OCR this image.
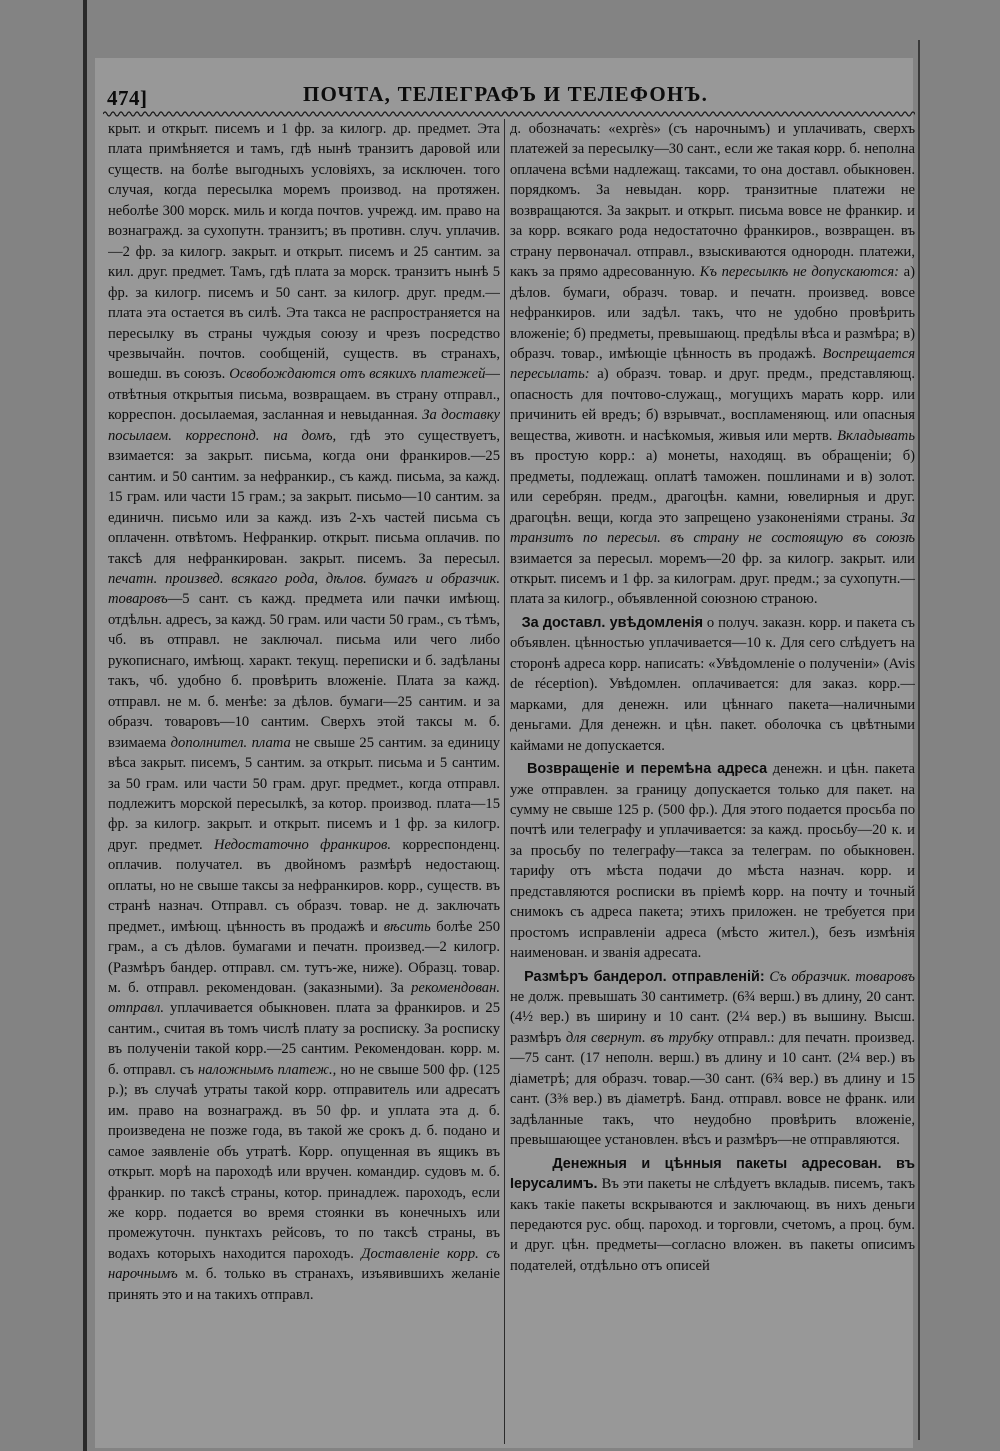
474]	ПОЧТА, ТЕЛЕГРАФЪ И ТЕЛЕФОНЪ.

крыт. и открыт. писемъ и 1 фр. за килогр. др. предмет. Эта плата примѣняется и тамъ, гдѣ нынѣ транзитъ даровой или существ. на болѣе выгодныхъ условіяхъ, за исключен. того случая, когда пересылка моремъ производ. на протяжен. неболѣе 300 морск. миль и когда почтов. учрежд. им. право на вознагражд. за сухопутн. транзитъ; въ противн. случ. уплачив.—2 фр. за килогр. закрыт. и открыт. писемъ и 25 сантим. за кил. друг. предмет. Тамъ, гдѣ плата за морск. транзитъ нынѣ 5 фр. за килогр. писемъ и 50 сант. за килогр. друг. предм.—плата эта остается въ силѣ. Эта такса не распространяется на пересылку въ страны чуждыя союзу и чрезъ посредство чрезвычайн. почтов. сообщеній, существ. въ странахъ, вошедш. въ союзъ. Освобождаются отъ всякихъ платежей—отвѣтныя открытыя письма, возвращаем. въ страну отправл., корреспон. досылаемая, засланная и невыданная. За доставку посылаем. корреспонд. на домъ, гдѣ это существуетъ, взимается: за закрыт. письма, когда они франкиров.—25 сантим. и 50 сантим. за нефранкир., съ кажд. письма, за кажд. 15 грам. или части 15 грам.; за закрыт. письмо—10 сантим. за единичн. письмо или за кажд. изъ 2-хъ частей письма съ оплаченн. отвѣтомъ. Нефранкир. открыт. письма оплачив. по таксѣ для нефранкирован. закрыт. писемъ. За пересыл. печатн. произвед. всякаго рода, дѣлов. бумагъ и образчик. товаровъ—5 сант. съ кажд. предмета или пачки имѣющ. отдѣльн. адресъ, за кажд. 50 грам. или части 50 грам., съ тѣмъ, чб. въ отправл. не заключал. письма или чего либо рукописнаго, имѣющ. характ. текущ. переписки и б. задѣланы такъ, чб. удобно б. провѣрить вложеніе. Плата за кажд. отправл. не м. б. менѣе: за дѣлов. бумаги—25 сантим. и за образч. товаровъ—10 сантим. Сверхъ этой таксы м. б. взимаема дополнител. плата не свыше 25 сантим. за единицу вѣса закрыт. писемъ, 5 сантим. за открыт. письма и 5 сантим. за 50 грам. или части 50 грам. друг. предмет., когда отправл. подлежитъ морской пересылкѣ, за котор. производ. плата—15 фр. за килогр. закрыт. и открыт. писемъ и 1 фр. за килогр. друг. предмет. Недостаточно франкиров. корреспонденц. оплачив. получател. въ двойномъ размѣрѣ недостающ. оплаты, но не свыше таксы за нефранкиров. корр., существ. въ странѣ назнач. Отправл. съ образч. товар. не д. заключать предмет., имѣющ. цѣнность въ продажѣ и вѣсить болѣе 250 грам., а съ дѣлов. бумагами и печатн. произвед.—2 килогр. (Размѣръ бандер. отправл. см. тутъ-же, ниже). Образц. товар. м. б. отправл. рекомендован. (заказными). За рекомендован. отправл. уплачивается обыкновен. плата за франкиров. и 25 сантим., считая въ томъ числѣ плату за росписку. За росписку въ полученіи такой корр.—25 сантим. Рекомендован. корр. м. б. отправл. съ наложнымъ платеж., но не свыше 500 фр. (125 р.); въ случаѣ утраты такой корр. отправитель или адресатъ им. право на вознагражд. въ 50 фр. и уплата эта д. б. произведена не позже года, въ такой же срокъ д. б. подано и самое заявленіе объ утратѣ. Корр. опущенная въ ящикъ въ открыт. морѣ на пароходѣ или вручен. командир. судовъ м. б. франкир. по таксѣ страны, котор. принадлеж. пароходъ, если же корр. подается во время стоянки въ конечныхъ или промежуточн. пунктахъ рейсовъ, то по таксѣ страны, въ водахъ которыхъ находится пароходъ. Доставленіе корр. съ нарочнымъ м. б. только въ странахъ, изъявившихъ желаніе принять это и на такихъ отправл.

д. обозначать: «exprès» (съ нарочнымъ) и уплачивать, сверхъ платежей за пересылку—30 сант., если же такая корр. б. неполна оплачена всѣми надлежащ. таксами, то она доставл. обыкновен. порядкомъ. За невыдан. корр. транзитные платежи не возвращаются. За закрыт. и открыт. письма вовсе не франкир. и за корр. всякаго рода недостаточно франкиров., возвращен. въ страну первоначал. отправл., взыскиваются однородн. платежи, какъ за прямо адресованную. Къ пересылкѣ не допускаются: а) дѣлов. бумаги, образч. товар. и печатн. произвед. вовсе нефранкиров. или задѣл. такъ, что не удобно провѣрить вложеніе; б) предметы, превышающ. предѣлы вѣса и размѣра; в) образч. товар., имѣющіе цѣнность въ продажѣ. Воспрещается пересылать: а) образч. товар. и друг. предм., представляющ. опасность для почтово-служащ., могущихъ марать корр. или причинить ей вредъ; б) взрывчат., воспламеняющ. или опасныя вещества, животн. и насѣкомыя, живыя или мертв. Вкладывать въ простую корр.: а) монеты, находящ. въ обращеніи; б) предметы, подлежащ. оплатѣ таможен. пошлинами и в) золот. или серебрян. предм., драгоцѣн. камни, ювелирныя и друг. драгоцѣн. вещи, когда это запрещено узаконеніями страны. За транзитъ по пересыл. въ страну не состоящую въ союзѣ взимается за пересыл. моремъ—20 фр. за килогр. закрыт. или открыт. писемъ и 1 фр. за килограм. друг. предм.; за сухопутн.—плата за килогр., объявленной союзною страною.

За доставл. увѣдомленія о получ. заказн. корр. и пакета съ объявлен. цѣнностью уплачивается—10 к. Для сего слѣдуетъ на сторонѣ адреса корр. написать: «Увѣдомленіе о полученіи» (Avis de réception). Увѣдомлен. оплачивается: для заказ. корр.—марками, для денежн. или цѣннаго пакета—наличными деньгами. Для денежн. и цѣн. пакет. оболочка съ цвѣтными каймами не допускается.

Возвращеніе и перемѣна адреса денежн. и цѣн. пакета уже отправлен. за границу допускается только для пакет. на сумму не свыше 125 р. (500 фр.). Для этого подается просьба по почтѣ или телеграфу и уплачивается: за кажд. просьбу—20 к. и за просьбу по телеграфу—такса за телеграм. по обыкновен. тарифу отъ мѣста подачи до мѣста назнач. корр. и представляются росписки въ пріемѣ корр. на почту и точный снимокъ съ адреса пакета; этихъ приложен. не требуется при простомъ исправленіи адреса (мѣсто жител.), безъ измѣнія наименован. и званія адресата.

Размѣръ бандерол. отправленій: Съ образчик. товаровъ не долж. превышать 30 сантиметр. (6¾ верш.) въ длину, 20 сант. (4½ вер.) въ ширину и 10 сант. (2¼ вер.) въ вышину. Высш. размѣръ для свернут. въ трубку отправл.: для печатн. произвед.—75 сант. (17 неполн. верш.) въ длину и 10 сант. (2¼ вер.) въ діаметрѣ; для образч. товар.—30 сант. (6¾ вер.) въ длину и 15 сант. (3⅜ вер.) въ діаметрѣ. Банд. отправл. вовсе не франк. или задѣланные такъ, что неудобно провѣрить вложеніе, превышающее установлен. вѣсъ и размѣръ—не отправляются.

Денежныя и цѣнныя пакеты адресован. въ Іерусалимъ. Въ эти пакеты не слѣдуетъ вкладыв. писемъ, такъ какъ такіе пакеты вскрываются и заключающ. въ нихъ деньги передаются рус. общ. пароход. и торговли, счетомъ, а проц. бум. и друг. цѣн. предметы—согласно вложен. въ пакеты описимъ подателей, отдѣльно отъ описей
